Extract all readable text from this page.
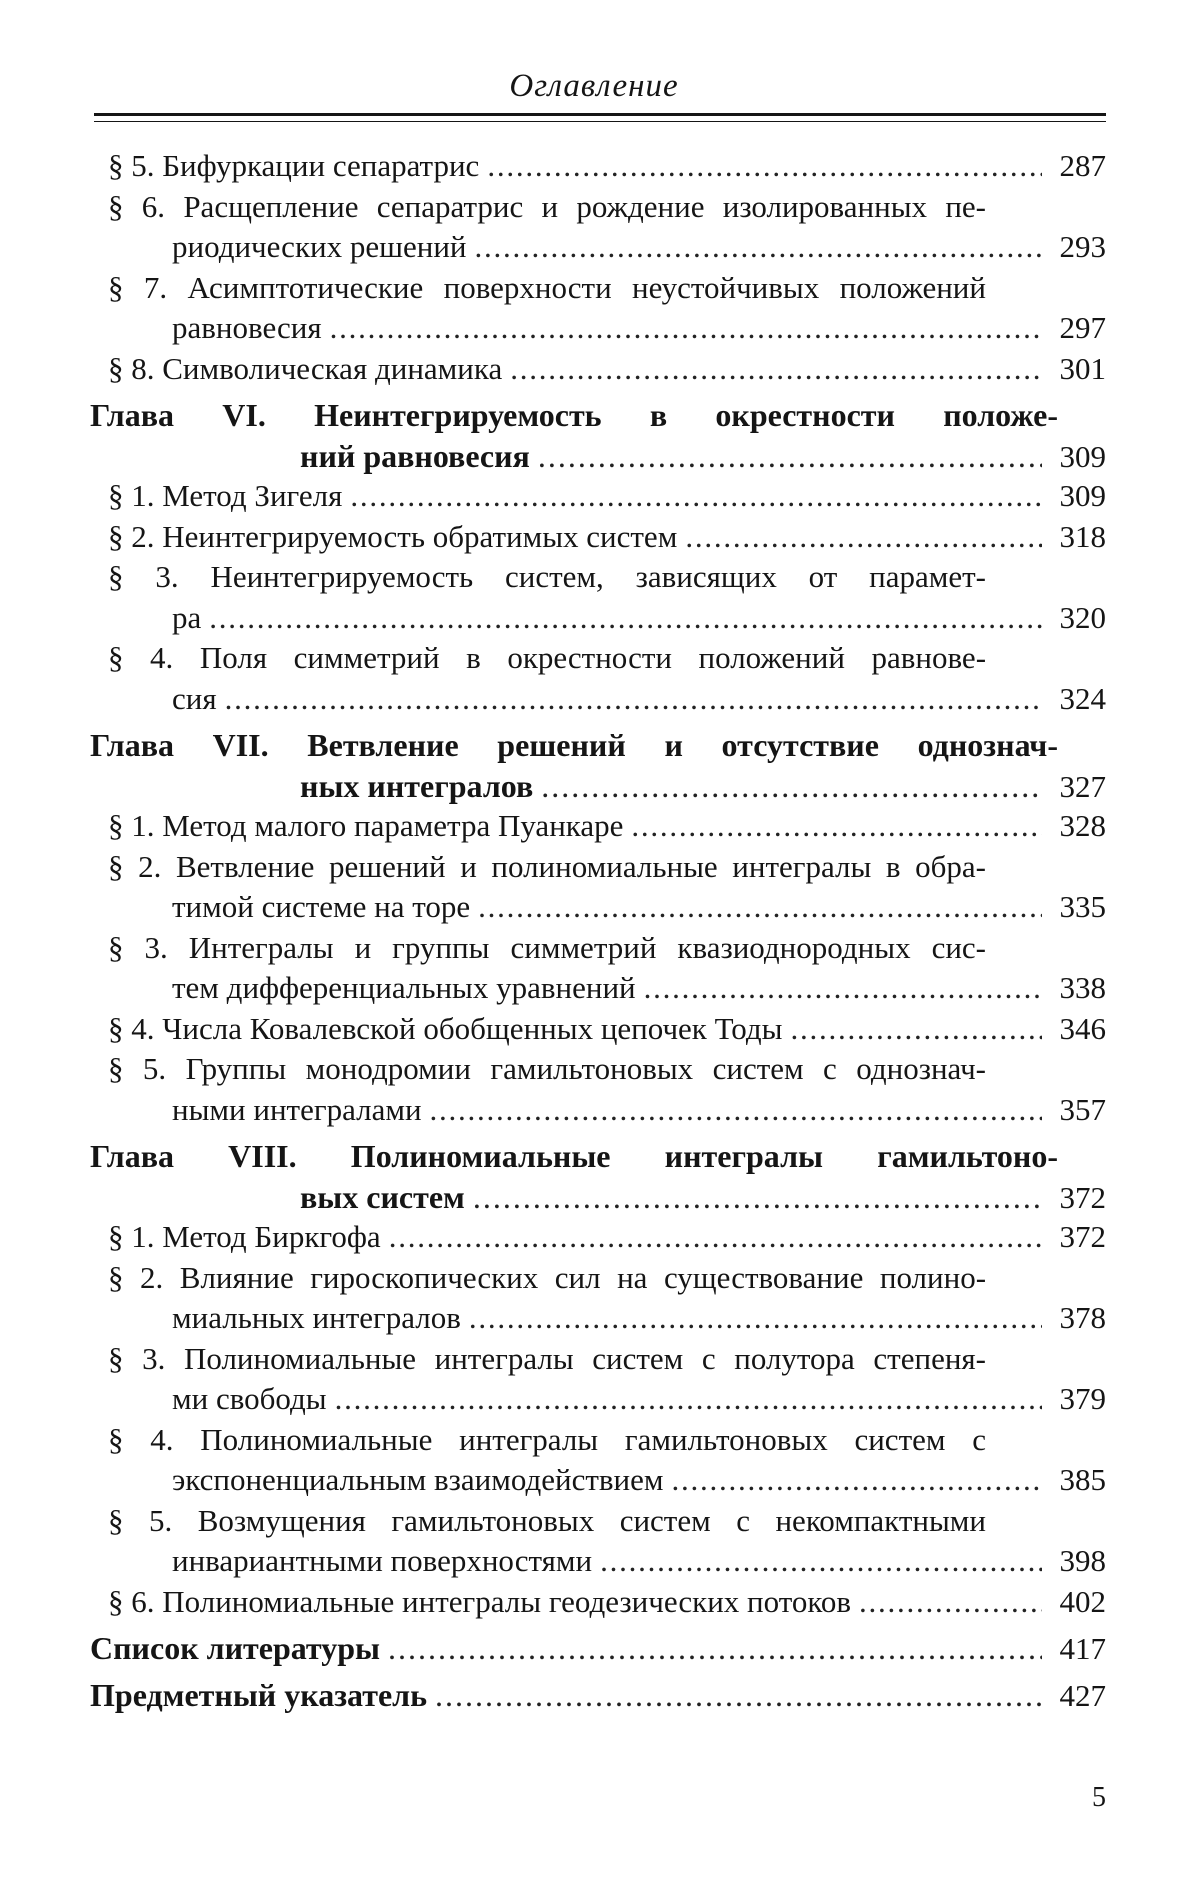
Оглавление
§ 5. Бифуркации сепаратрис . . .	287
§ 6. Расщепление сепаратрис и рождение изолированных пе-
риодических решений . . .	293
§ 7. Асимптотические поверхности неустойчивых положений
равновесия . . .	297
§ 8. Символическая динамика . . .	301
Глава VI. Неинтегрируемость в окрестности положе-
ний равновесия . . .	309
§ 1. Метод Зигеля . . .	309
§ 2. Неинтегрируемость обратимых систем . . .	318
§ 3. Неинтегрируемость систем, зависящих от парамет-
ра . . .	320
§ 4. Поля симметрий в окрестности положений равнове-
сия . . .	324
Глава VII. Ветвление решений и отсутствие однознач-
ных интегралов . . .	327
§ 1. Метод малого параметра Пуанкаре . . .	328
§ 2. Ветвление решений и полиномиальные интегралы в обра-
тимой системе на торе . . .	335
§ 3. Интегралы и группы симметрий квазиоднородных сис-
тем дифференциальных уравнений . . .	338
§ 4. Числа Ковалевской обобщенных цепочек Тоды . . .	346
§ 5. Группы монодромии гамильтоновых систем с однознач-
ными интегралами . . .	357
Глава VIII. Полиномиальные интегралы гамильтоно-
вых систем . . .	372
§ 1. Метод Биркгофа . . .	372
§ 2. Влияние гироскопических сил на существование полино-
миальных интегралов . . .	378
§ 3. Полиномиальные интегралы систем с полутора степеня-
ми свободы . . .	379
§ 4. Полиномиальные интегралы гамильтоновых систем с
экспоненциальным взаимодействием . . .	385
§ 5. Возмущения гамильтоновых систем с некомпактными
инвариантными поверхностями . . .	398
§ 6. Полиномиальные интегралы геодезических потоков . . .	402
Список литературы . . .	417
Предметный указатель . . .	427
5
